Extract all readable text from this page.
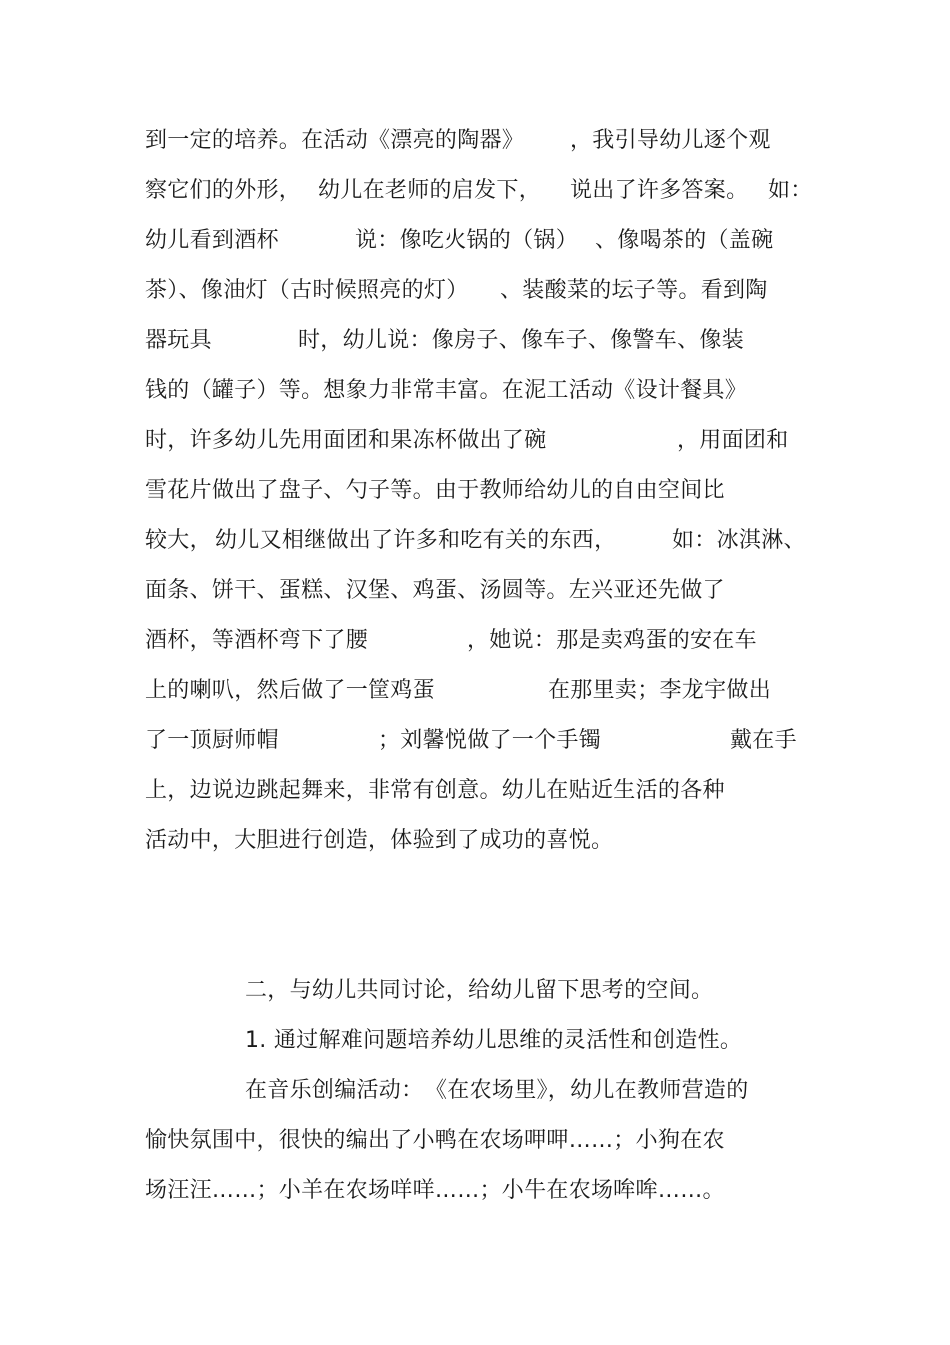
到一定的培养。在活动《漂亮的陶器》 ，我引导幼儿逐个观
察它们的外形， 幼儿在老师的启发下， 说出了许多答案。 如：
幼儿看到酒杯	说：像吃火锅的（锅） 、像喝茶的（盖碗
茶）、像油灯（古时候照亮的灯） 、装酸菜的坛子等。看到陶
器玩具	时，幼儿说：像房子、像车子、像警车、像装
钱的（罐子）等。想象力非常丰富。在泥工活动《设计餐具》
时，许多幼儿先用面团和果冻杯做出了碗	，用面团和
雪花片做出了盘子、勺子等。由于教师给幼儿的自由空间比
较大， 幼儿又相继做出了许多和吃有关的东西，	如：冰淇淋、
面条、饼干、蛋糕、汉堡、鸡蛋、汤圆等。左兴亚还先做了
酒杯，等酒杯弯下了腰	，她说：那是卖鸡蛋的安在车
上的喇叭，然后做了一筐鸡蛋	在那里卖；李龙宇做出
了一顶厨师帽	；刘馨悦做了一个手镯	戴在手
上，边说边跳起舞来，非常有创意。幼儿在贴近生活的各种
活动中，大胆进行创造，体验到了成功的喜悦。
二，与幼儿共同讨论，给幼儿留下思考的空间。
1. 通过解难问题培养幼儿思维的灵活性和创造性。
在音乐创编活动： 《在农场里》，幼儿在教师营造的
愉快氛围中，很快的编出了小鸭在农场呷呷……；小狗在农
场汪汪……；小羊在农场咩咩……；小牛在农场哞哞……。
